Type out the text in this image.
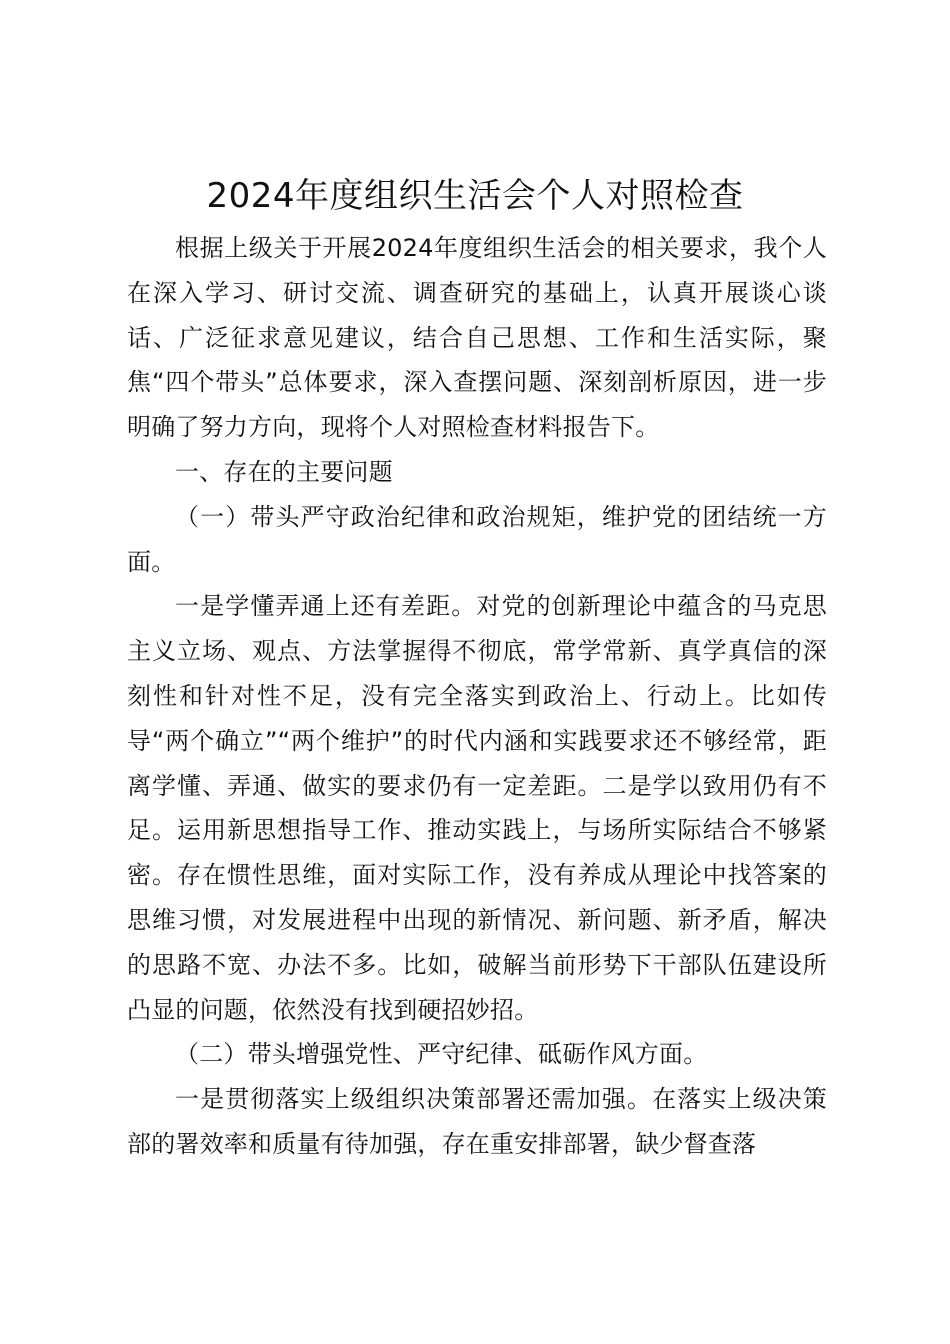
2024年度组织生活会个人对照检查

根据上级关于开展2024年度组织生活会的相关要求，我个人在深入学习、研讨交流、调查研究的基础上，认真开展谈心谈话、广泛征求意见建议，结合自己思想、工作和生活实际，聚焦“四个带头”总体要求，深入查摆问题、深刻剖析原因，进一步明确了努力方向，现将个人对照检查材料报告下。

一、存在的主要问题

（一）带头严守政治纪律和政治规矩，维护党的团结统一方面。

一是学懂弄通上还有差距。对党的创新理论中蕴含的马克思主义立场、观点、方法掌握得不彻底，常学常新、真学真信的深刻性和针对性不足，没有完全落实到政治上、行动上。比如传导“两个确立”“两个维护”的时代内涵和实践要求还不够经常，距离学懂、弄通、做实的要求仍有一定差距。二是学以致用仍有不足。运用新思想指导工作、推动实践上，与场所实际结合不够紧密。存在惯性思维，面对实际工作，没有养成从理论中找答案的思维习惯，对发展进程中出现的新情况、新问题、新矛盾，解决的思路不宽、办法不多。比如，破解当前形势下干部队伍建设所凸显的问题，依然没有找到硬招妙招。

（二）带头增强党性、严守纪律、砥砺作风方面。

一是贯彻落实上级组织决策部署还需加强。在落实上级决策部的署效率和质量有待加强，存在重安排部署，缺少督查落
